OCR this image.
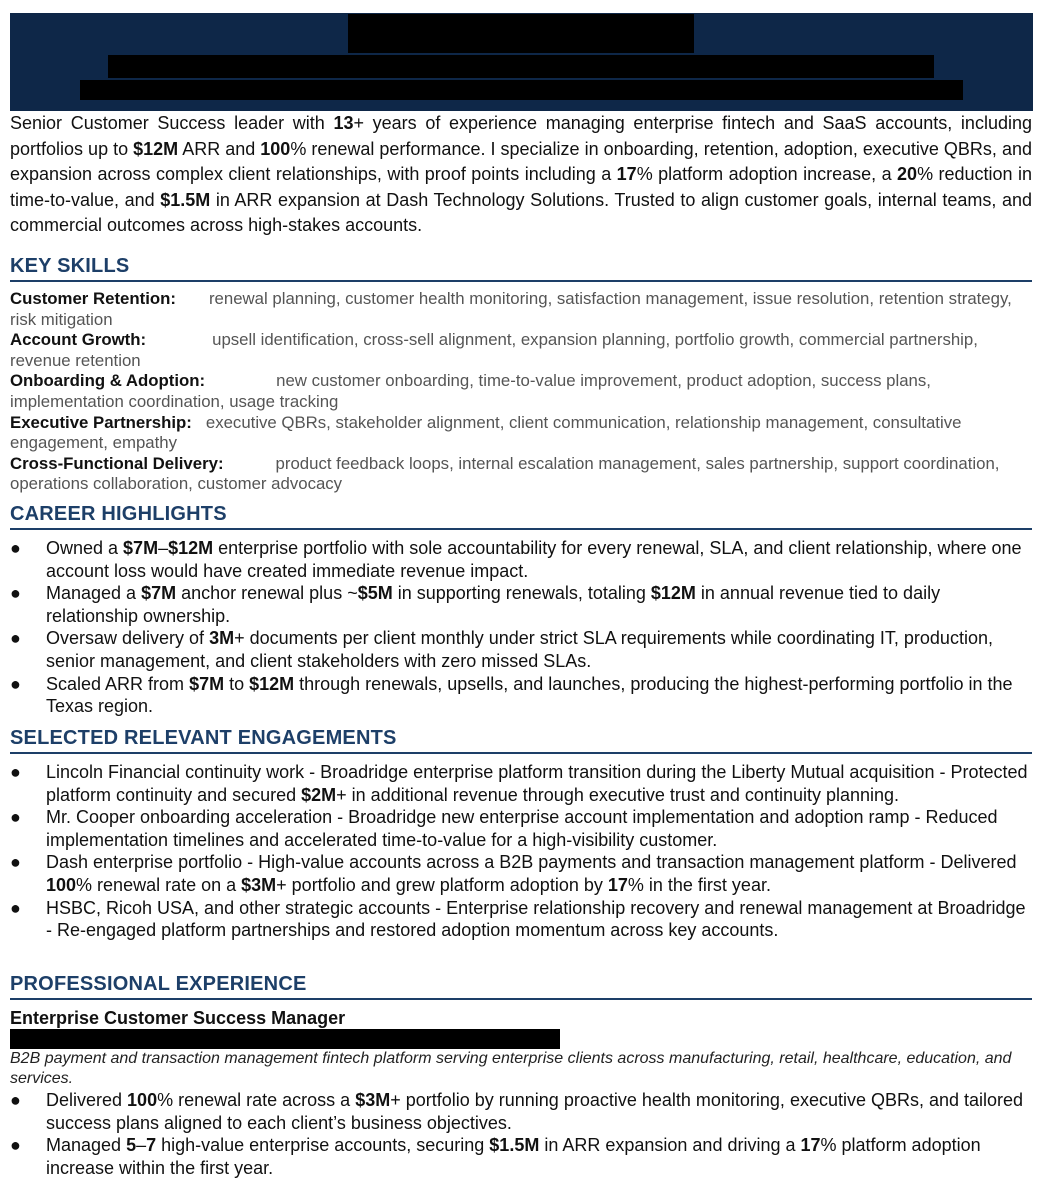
Senior Customer Success leader with 13+ years of experience managing enterprise fintech and SaaS accounts, including portfolios up to $12M ARR and 100% renewal performance. I specialize in onboarding, retention, adoption, executive QBRs, and expansion across complex client relationships, with proof points including a 17% platform adoption increase, a 20% reduction in time-to-value, and $1.5M in ARR expansion at Dash Technology Solutions. Trusted to align customer goals, internal teams, and commercial outcomes across high-stakes accounts.

KEY SKILLS

Customer Retention: renewal planning, customer health monitoring, satisfaction management, issue resolution, retention strategy, risk mitigation

Account Growth:	upsell identification, cross-sell alignment, expansion planning, portfolio growth, commercial partnership, revenue retention

Onboarding & Adoption:	new customer onboarding, time-to-value improvement, product adoption, success plans, implementation coordination, usage tracking

Executive Partnership: executive QBRs, stakeholder alignment, client communication, relationship management, consultative engagement, empathy

Cross-Functional Delivery:	product feedback loops, internal escalation management, sales partnership, support coordination, operations collaboration, customer advocacy

CAREER HIGHLIGHTS
● Owned a $7M–$12M enterprise portfolio with sole accountability for every renewal, SLA, and client relationship, where one account loss would have created immediate revenue impact.
● Managed a $7M anchor renewal plus ~$5M in supporting renewals, totaling $12M in annual revenue tied to daily relationship ownership.
● Oversaw delivery of 3M+ documents per client monthly under strict SLA requirements while coordinating IT, production, senior management, and client stakeholders with zero missed SLAs.
● Scaled ARR from $7M to $12M through renewals, upsells, and launches, producing the highest-performing portfolio in the Texas region.
SELECTED RELEVANT ENGAGEMENTS
● Lincoln Financial continuity work - Broadridge enterprise platform transition during the Liberty Mutual acquisition - Protected platform continuity and secured $2M+ in additional revenue through executive trust and continuity planning.
● Mr. Cooper onboarding acceleration - Broadridge new enterprise account implementation and adoption ramp - Reduced implementation timelines and accelerated time-to-value for a high-visibility customer.
● Dash enterprise portfolio - High-value accounts across a B2B payments and transaction management platform - Delivered 100% renewal rate on a $3M+ portfolio and grew platform adoption by 17% in the first year.
● HSBC, Ricoh USA, and other strategic accounts - Enterprise relationship recovery and renewal management at Broadridge - Re-engaged platform partnerships and restored adoption momentum across key accounts.
PROFESSIONAL EXPERIENCE
Enterprise Customer Success Manager
B2B payment and transaction management fintech platform serving enterprise clients across manufacturing, retail, healthcare, education, and services.
● Delivered 100% renewal rate across a $3M+ portfolio by running proactive health monitoring, executive QBRs, and tailored success plans aligned to each client’s business objectives.
● Managed 5–7 high-value enterprise accounts, securing $1.5M in ARR expansion and driving a 17% platform adoption increase within the first year.
